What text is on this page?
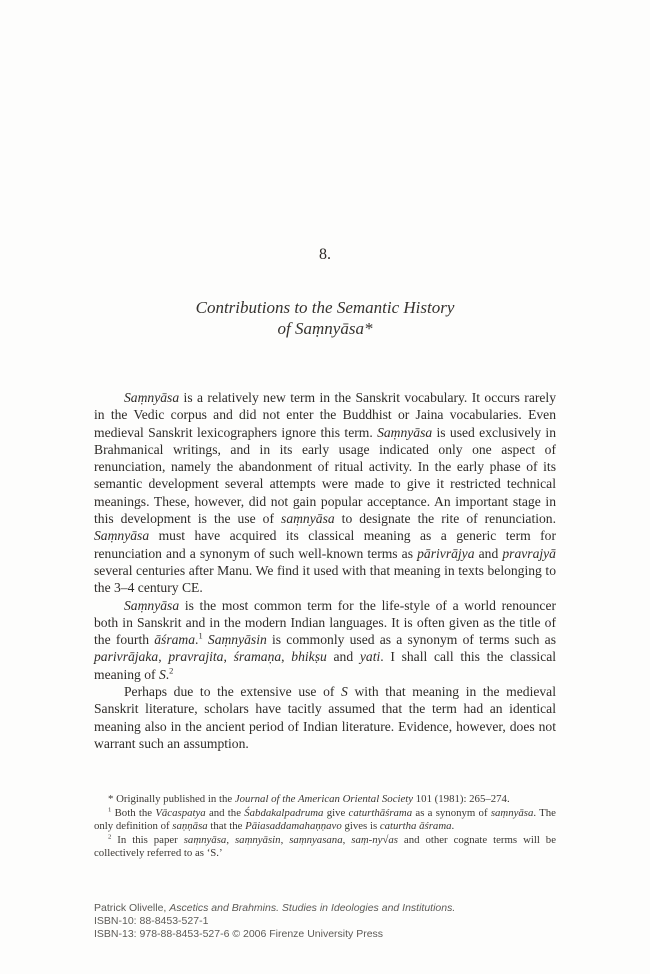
8.
Contributions to the Semantic History
of Saṃnyāsa*

Saṃnyāsa is a relatively new term in the Sanskrit vocabulary. It occurs rarely in the Vedic corpus and did not enter the Buddhist or Jaina vocabularies. Even medieval Sanskrit lexicographers ignore this term. Saṃnyāsa is used exclusively in Brahmanical writings, and in its early usage indicated only one aspect of renunciation, namely the abandonment of ritual activity. In the early phase of its semantic development several attempts were made to give it restricted technical meanings. These, however, did not gain popular acceptance. An important stage in this development is the use of saṃnyāsa to designate the rite of renunciation. Saṃnyāsa must have acquired its classical meaning as a generic term for renunciation and a synonym of such well-known terms as pārivrājya and pravrajyā several centuries after Manu. We find it used with that meaning in texts belonging to the 3–4 century CE.

Saṃnyāsa is the most common term for the life-style of a world renouncer both in Sanskrit and in the modern Indian languages. It is often given as the title of the fourth āśrama.$^1$ Saṃnyāsin is commonly used as a synonym of terms such as parivrājaka, pravrajita, śramaṇa, bhikṣu and yati. I shall call this the classical meaning of S.$^2$

Perhaps due to the extensive use of S with that meaning in the medieval Sanskrit literature, scholars have tacitly assumed that the term had an identical meaning also in the ancient period of Indian literature. Evidence, however, does not warrant such an assumption.

* Originally published in the Journal of the American Oriental Society 101 (1981): 265–274.

$^1$ Both the Vācaspatya and the Śabdakalpadruma give caturthāśrama as a synonym of saṃnyāsa. The only definition of saṇṇāsa that the Pāiasaddamahaṇṇavo gives is caturtha āśrama.

$^2$ In this paper saṃnyāsa, saṃnyāsin, saṃnyasana, saṃ-ny√as and other cognate terms will be collectively referred to as ‘S.’

Patrick Olivelle, Ascetics and Brahmins. Studies in Ideologies and Institutions.
ISBN-10: 88-8453-527-1
ISBN-13: 978-88-8453-527-6 © 2006 Firenze University Press
